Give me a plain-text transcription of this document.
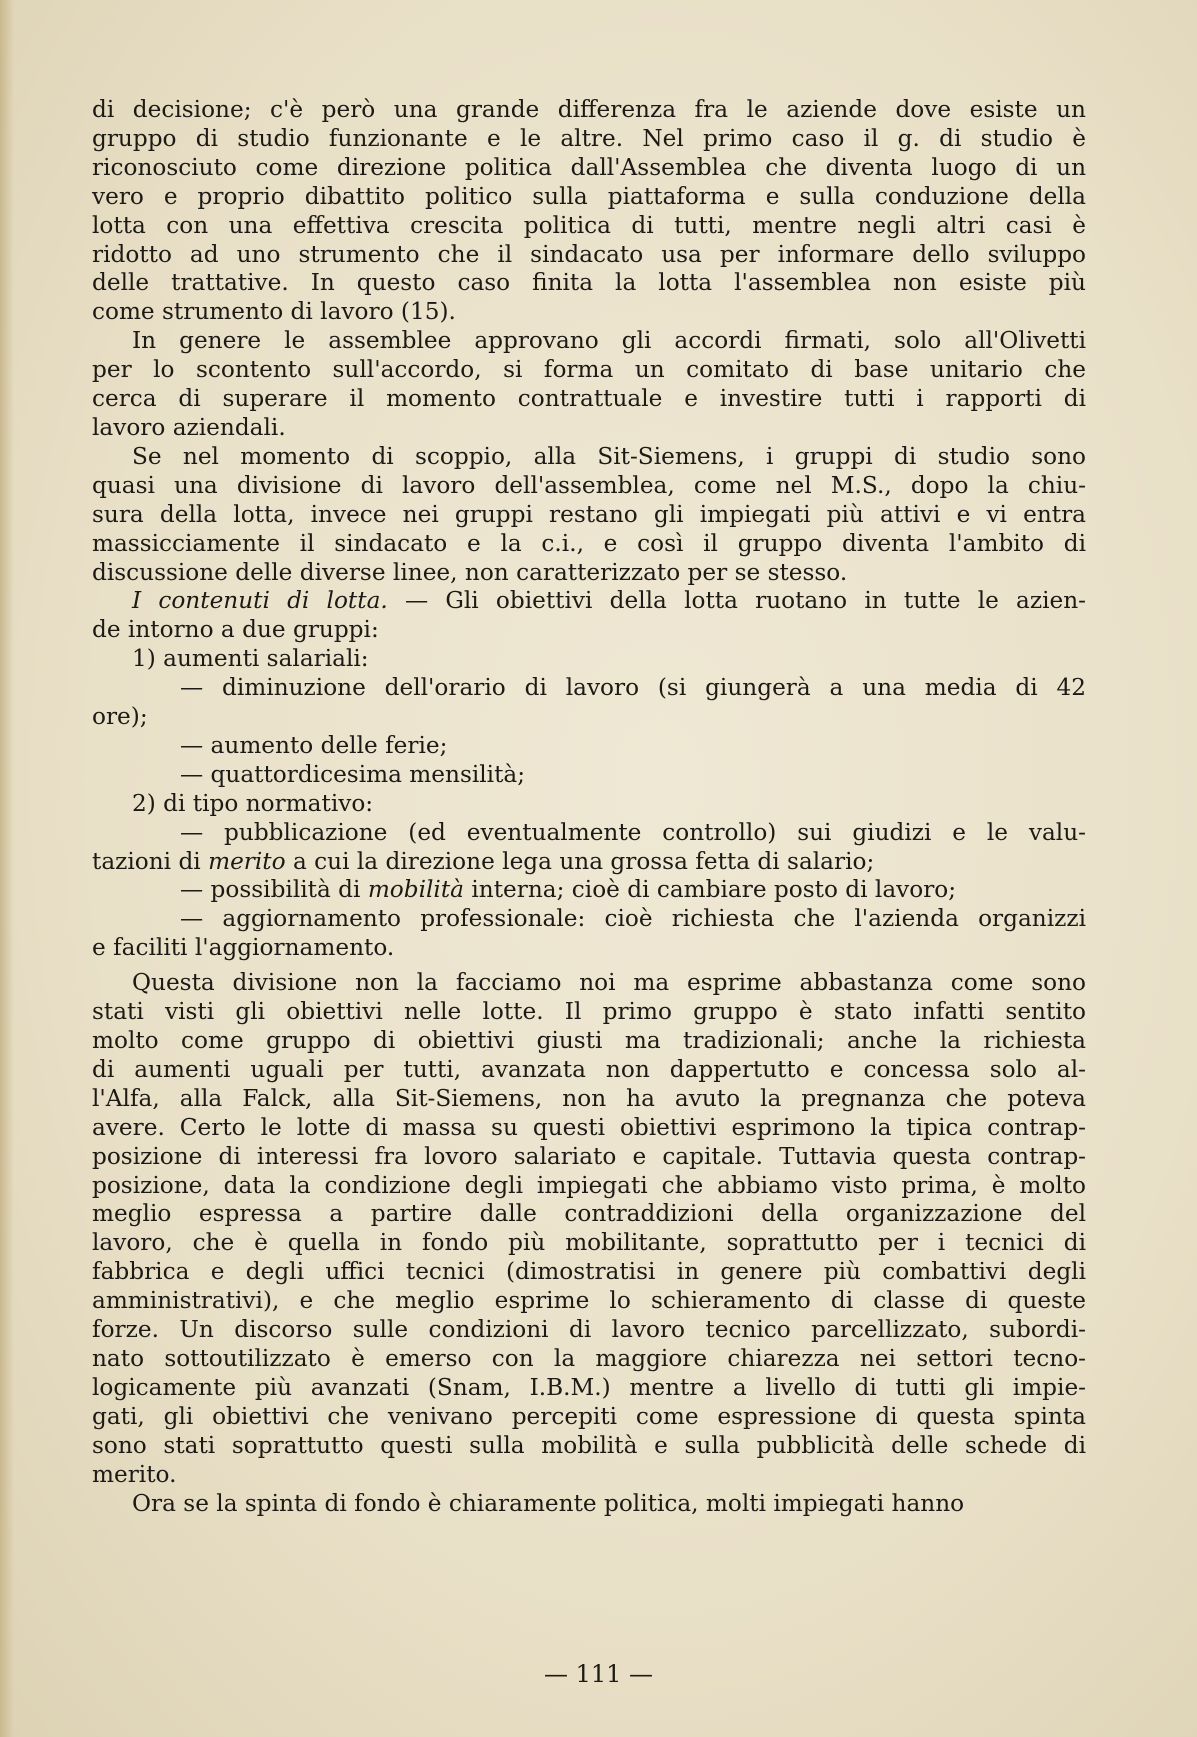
di decisione; c'è però una grande differenza fra le aziende dove esiste un
gruppo di studio funzionante e le altre. Nel primo caso il g. di studio è
riconosciuto come direzione politica dall'Assemblea che diventa luogo di un
vero e proprio dibattito politico sulla piattaforma e sulla conduzione della
lotta con una effettiva crescita politica di tutti, mentre negli altri casi è
ridotto ad uno strumento che il sindacato usa per informare dello sviluppo
delle trattative. In questo caso finita la lotta l'assemblea non esiste più
come strumento di lavoro (15).
In genere le assemblee approvano gli accordi firmati, solo all'Olivetti
per lo scontento sull'accordo, si forma un comitato di base unitario che
cerca di superare il momento contrattuale e investire tutti i rapporti di
lavoro aziendali.
Se nel momento di scoppio, alla Sit-Siemens, i gruppi di studio sono
quasi una divisione di lavoro dell'assemblea, come nel M.S., dopo la chiu-
sura della lotta, invece nei gruppi restano gli impiegati più attivi e vi entra
massicciamente il sindacato e la c.i., e così il gruppo diventa l'ambito di
discussione delle diverse linee, non caratterizzato per se stesso.
I contenuti di lotta. — Gli obiettivi della lotta ruotano in tutte le azien-
de intorno a due gruppi:
1) aumenti salariali:
— diminuzione dell'orario di lavoro (si giungerà a una media di 42
ore);
— aumento delle ferie;
— quattordicesima mensilità;
2) di tipo normativo:
— pubblicazione (ed eventualmente controllo) sui giudizi e le valu-
tazioni di merito a cui la direzione lega una grossa fetta di salario;
— possibilità di mobilità interna; cioè di cambiare posto di lavoro;
— aggiornamento professionale: cioè richiesta che l'azienda organizzi
e faciliti l'aggiornamento.
Questa divisione non la facciamo noi ma esprime abbastanza come sono
stati visti gli obiettivi nelle lotte. Il primo gruppo è stato infatti sentito
molto come gruppo di obiettivi giusti ma tradizionali; anche la richiesta
di aumenti uguali per tutti, avanzata non dappertutto e concessa solo al-
l'Alfa, alla Falck, alla Sit-Siemens, non ha avuto la pregnanza che poteva
avere. Certo le lotte di massa su questi obiettivi esprimono la tipica contrap-
posizione di interessi fra lovoro salariato e capitale. Tuttavia questa contrap-
posizione, data la condizione degli impiegati che abbiamo visto prima, è molto
meglio espressa a partire dalle contraddizioni della organizzazione del
lavoro, che è quella in fondo più mobilitante, soprattutto per i tecnici di
fabbrica e degli uffici tecnici (dimostratisi in genere più combattivi degli
amministrativi), e che meglio esprime lo schieramento di classe di queste
forze. Un discorso sulle condizioni di lavoro tecnico parcellizzato, subordi-
nato sottoutilizzato è emerso con la maggiore chiarezza nei settori tecno-
logicamente più avanzati (Snam, I.B.M.) mentre a livello di tutti gli impie-
gati, gli obiettivi che venivano percepiti come espressione di questa spinta
sono stati soprattutto questi sulla mobilità e sulla pubblicità delle schede di
merito.
Ora se la spinta di fondo è chiaramente politica, molti impiegati hanno
— 111 —
